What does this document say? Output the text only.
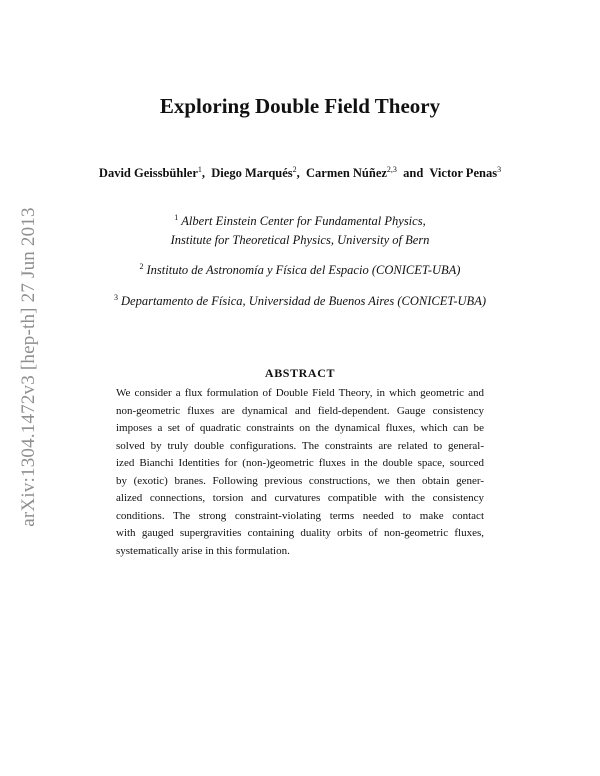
arXiv:1304.1472v3 [hep-th] 27 Jun 2013
Exploring Double Field Theory
David Geissbühler$^1$,  Diego Marqués$^2$,  Carmen Núñez$^{2,3}$  and  Victor Penas$^3$
$^1$ Albert Einstein Center for Fundamental Physics,
Institute for Theoretical Physics, University of Bern
$^2$ Instituto de Astronomía y Física del Espacio (CONICET-UBA)
$^3$ Departamento de Física, Universidad de Buenos Aires (CONICET-UBA)
ABSTRACT
We consider a flux formulation of Double Field Theory, in which geometric and
non-geometric fluxes are dynamical and field-dependent. Gauge consistency
imposes a set of quadratic constraints on the dynamical fluxes, which can be
solved by truly double configurations. The constraints are related to general-
ized Bianchi Identities for (non-)geometric fluxes in the double space, sourced
by (exotic) branes. Following previous constructions, we then obtain gener-
alized connections, torsion and curvatures compatible with the consistency
conditions. The strong constraint-violating terms needed to make contact
with gauged supergravities containing duality orbits of non-geometric fluxes,
systematically arise in this formulation.
